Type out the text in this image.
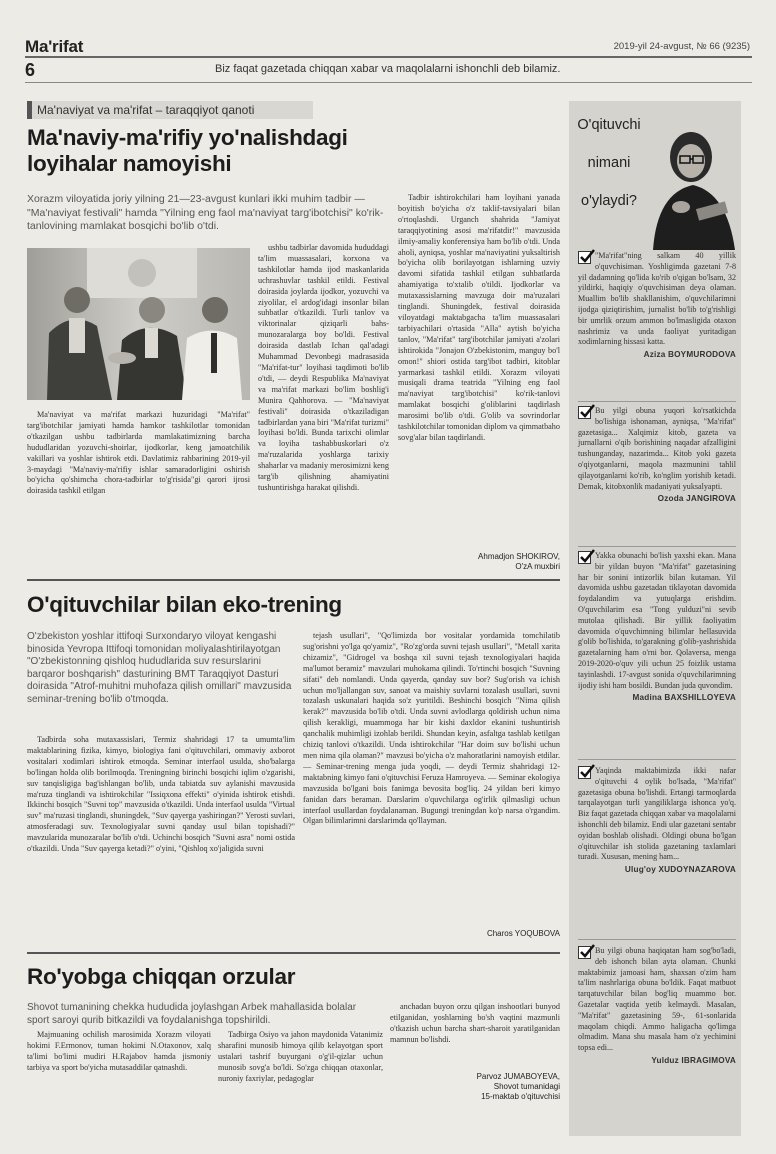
Ma'rifat	2019-yil 24-avgust, № 66 (9235)
6	Biz faqat gazetada chiqqan xabar va maqolalarni ishonchli deb bilamiz.
Ma'naviyat va ma'rifat – taraqqiyot qanoti
Ma'naviy-ma'rifiy yo'nalishdagi
loyihalar namoyishi
Xorazm viloyatida joriy yilning 21—23-avgust kunlari ikki muhim tadbir — "Ma'naviyat festivali" hamda "Yilning eng faol ma'naviyat targ'ibotchisi" ko'rik-tanlovining mamlakat bosqichi bo'lib o'tdi.
Ma'naviyat va ma'rifat markazi huzuridagi "Ma'rifat" targ'ibotchilar jamiyati hamda hamkor tashkilotlar tomonidan o'tkazilgan ushbu tadbirlarda mamlakatimizning barcha hududlaridan yozuvchi-shoirlar, ijodkorlar, keng jamoatchilik vakillari va yoshlar ishtirok etdi. Davlatimiz rahbarining 2019-yil 3-maydagi "Ma'naviy-ma'rifiy ishlar samaradorligini oshirish bo'yicha qo'shimcha chora-tadbirlar to'g'risida"gi qarori ijrosi doirasida tashkil etilgan
ushbu tadbirlar davomida hududdagi ta'lim muassasalari, korxona va tashkilotlar hamda ijod maskanlarida uchrashuvlar tashkil etildi. Festival doirasida joylarda ijodkor, yozuvchi va ziyolilar, el ardog'idagi insonlar bilan suhbatlar o'tkazildi. Turli tanlov va viktorinalar qiziqarli bahs-munozaralarga boy bo'ldi. Festival doirasida dastlab Ichan qal'adagi Muhammad Devonbegi madrasasida "Ma'rifat-tur" loyihasi taqdimoti bo'lib o'tdi, — deydi Respublika Ma'naviyat va ma'rifat markazi bo'lim boshlig'i Munira Qahhorova. — "Ma'naviyat festivali" doirasida o'tkaziladigan tadbirlardan yana biri "Ma'rifat turizmi" loyihasi bo'ldi. Bunda tarixchi olimlar va loyiha tashabbuskorlari o'z ma'ruzalarida yoshlarga tarixiy shaharlar va madaniy merosimizni keng targ'ib qilishning ahamiyatini tushuntirishga harakat qilishdi.
Tadbir ishtirokchilari ham loyihani yanada boyitish bo'yicha o'z taklif-tavsiyalari bilan o'rtoqlashdi. Urganch shahrida "Jamiyat taraqqiyotining asosi ma'rifatdir!" mavzusida ilmiy-amaliy konferensiya ham bo'lib o'tdi. Unda aholi, ayniqsa, yoshlar ma'naviyatini yuksaltirish bo'yicha olib borilayotgan ishlarning uzviy davomi sifatida tashkil etilgan suhbatlarda ahamiyatiga to'xtalib o'tildi. Ijodkorlar va mutaxassislarning mavzuga doir ma'ruzalari tinglandi. Shuningdek, festival doirasida viloyatdagi maktabgacha ta'lim muassasalari tarbiyachilari o'rtasida "Alla" aytish bo'yicha tanlov, "Ma'rifat" targ'ibotchilar jamiyati a'zolari ishtirokida "Jonajon O'zbekistonim, manguy bo'l omon!" shiori ostida targ'ibot tadbiri, kitoblar yarmarkasi tashkil etildi. Xorazm viloyati musiqali drama teatrida "Yilning eng faol ma'naviyat targ'ibotchisi" ko'rik-tanlovi mamlakat bosqichi g'oliblarini taqdirlash marosimi bo'lib o'tdi. G'olib va sovrindorlar tashkilotchilar tomonidan diplom va qimmatbaho sovg'alar bilan taqdirlandi.
Ahmadjon SHOKIROV,
O'zA muxbiri
O'qituvchilar bilan eko-trening
O'zbekiston yoshlar ittifoqi Surxondaryo viloyat kengashi binosida Yevropa Ittifoqi tomonidan moliyalashtirilayotgan "O'zbekistonning qishloq hududlarida suv resurslarini barqaror boshqarish" dasturining BMT Taraqqiyot Dasturi doirasida "Atrof-muhitni muhofaza qilish omillari" mavzusida seminar-trening bo'lib o'tmoqda.
Tadbirda soha mutaxassislari, Termiz shahridagi 17 ta umumta'lim maktablarining fizika, kimyo, biologiya fani o'qituvchilari, ommaviy axborot vositalari xodimlari ishtirok etmoqda. Seminar interfaol usulda, sho'balarga bo'lingan holda olib borilmoqda. Treningning birinchi bosqichi iqlim o'zgarishi, suv tanqisligiga bag'ishlangan bo'lib, unda tabiatda suv aylanishi mavzusida ma'ruza tinglandi va ishtirokchilar "Issiqxona effekti" o'yinida ishtirok etishdi. Ikkinchi bosqich "Suvni top" mavzusida o'tkazildi. Unda interfaol usulda "Virtual suv" ma'ruzasi tinglandi, shuningdek, "Suv qayerga yashiringan?" Yerosti suvlari, atmosferadagi suv. Texnologiyalar suvni qanday usul bilan topishadi?" mavzularida munozaralar bo'lib o'tdi. Uchinchi bosqich "Suvni asra" nomi ostida o'tkazildi. Unda "Suv qayerga ketadi?" o'yini, "Qishloq xo'jaligida suvni
tejash usullari", "Qo'limizda bor vositalar yordamida tomchilatib sug'orishni yo'lga qo'yamiz", "Ro'zg'orda suvni tejash usullari", "Metall xarita chizamiz", "Gidrogel va boshqa xil suvni tejash texnologiyalari haqida ma'lumot beramiz" mavzulari muhokama qilindi. To'rtinchi bosqich "Suvning sifati" deb nomlandi. Unda qayerda, qanday suv bor? Sug'orish va ichish uchun mo'ljallangan suv, sanoat va maishiy suvlarni tozalash usullari, suvni tozalash uskunalari haqida so'z yuritildi. Beshinchi bosqich "Nima qilish kerak?" mavzusida bo'lib o'tdi. Unda suvni avlodlarga qoldirish uchun nima qilish kerakligi, muammoga har bir kishi daxldor ekanini tushuntirish qanchalik muhimligi izohlab berildi. Shundan keyin, asfaltga tashlab ketilgan chiziq tanlovi o'tkazildi. Unda ishtirokchilar "Har doim suv bo'lishi uchun men nima qila olaman?" mavzusi bo'yicha o'z mahoratlarini namoyish etdilar. — Seminar-trening menga juda yoqdi, — deydi Termiz shahridagi 12-maktabning kimyo fani o'qituvchisi Feruza Hamroyeva. — Seminar ekologiya mavzusida bo'lgani bois fanimga bevosita bog'liq. 24 yildan beri kimyo fanidan dars beraman. Darslarim o'quvchilarga og'irlik qilmasligi uchun interfaol usullardan foydalanaman. Bugungi treningdan ko'p narsa o'rgandim. Olgan bilimlarimni darslarimda qo'llayman.
Charos YOQUBOVA
Ro'yobga chiqqan orzular
Shovot tumanining chekka hududida joylashgan Arbek mahallasida bolalar sport saroyi qurib bitkazildi va foydalanishga topshirildi.
Majmuaning ochilish marosimida Xorazm viloyati hokimi F.Ermonov, tuman hokimi N.Otaxonov, xalq ta'limi bo'limi mudiri H.Rajabov hamda jismoniy tarbiya va sport bo'yicha mutasaddilar qatnashdi.
Tadbirga Osiyo va jahon maydonida Vatanimiz sharafini munosib himoya qilib kelayotgan sport ustalari tashrif buyurgani o'g'il-qizlar uchun munosib sovg'a bo'ldi. So'zga chiqqan otaxonlar, nuroniy faxriylar, pedagoglar
anchadan buyon orzu qilgan inshootlari bunyod etilganidan, yoshlarning bo'sh vaqtini mazmunli o'tkazish uchun barcha shart-sharoit yaratilganidan mamnun bo'lishdi.
Parvoz JUMABOYEVA,
Shovot tumanidagi
15-maktab o'qituvchisi
O'qituvchi
nimani
o'ylaydi?
"Ma'rifat"ning salkam 40 yillik o'quvchisiman. Yoshligimda gazetani 7-8 yil dadamning qo'lida ko'rib o'qigan bo'lsam, 32 yildirki, haqiqiy o'quvchisiman deya olaman. Muallim bo'lib shakllanishim, o'quvchilarimni ijodga qiziqtirishim, jurnalist bo'lib to'g'rishligi bir umrlik orzum ammon bo'lmasligida otaxon nashrimiz va unda faoliyat yuritadigan xodimlarning hissasi katta.
Aziza BOYMURODOVA
Bu yilgi obuna yuqori ko'rsatkichda bo'lishiga ishonaman, ayniqsa, "Ma'rifat" gazetasiga... Xalqimiz kitob, gazeta va jurnallarni o'qib borishining naqadar afzalligini tushunganday, nazarimda... Kitob yoki gazeta o'qiyotganlarni, maqola mazmunini tahlil qilayotganlarni ko'rib, ko'nglim yorishib ketadi. Demak, kitobxonlik madaniyati yuksalyapti.
Ozoda JANGIROVA
Yakka obunachi bo'lish yaxshi ekan. Mana bir yildan buyon "Ma'rifat" gazetasining har bir sonini intizorlik bilan kutaman. Yil davomida ushbu gazetadan tiklayotan davomida foydalandim va yutuqlarga erishdim. O'quvchilarim esa "Tong yulduzi"ni sevib mutolaa qilishadi. Bir yillik faoliyatim davomida o'quvchimning bilimlar hellasuvida g'olib bo'lishida, to'garakning g'olib-yashrishida gazetalarning ham o'rni bor. Qolaversa, menga 2019-2020-o'quv yili uchun 25 foizlik ustama tayinlashdi. 17-avgust sonida o'quvchilarimning ijodiy ishi ham bosildi. Bundan juda quvondim.
Madina BAXSHILLOYEVA
Yaqinda maktabimizda ikki nafar o'qituvchi 4 oylik bo'lsada, "Ma'rifat" gazetasiga obuna bo'lishdi. Ertangi tarmoqlarda tarqalayotgan turli yangiliklarga ishonca yo'q. Biz faqat gazetada chiqqan xabar va maqolalarni ishonchli deb bilamiz. Endi ular gazetani sentabr oyidan boshlab olishadi. Oldingi obuna bo'lgan o'qituvchilar ish stolida gazetaning taxlamlari turadi. Xususan, mening ham...
Ulug'oy XUDOYNAZAROVA
Bu yilgi obuna haqiqatan ham sog'bo'ladi, deb ishonch bilan ayta olaman. Chunki maktabimiz jamoasi ham, shaxsan o'zim ham ta'lim nashrlariga obuna bo'ldik. Faqat matbuot tarqatuvchilar bilan bog'liq muammo bor. Gazetalar vaqtida yetib kelmaydi. Masalan, "Ma'rifat" gazetasining 59-, 61-sonlarida maqolam chiqdi. Ammo haligacha qo'limga olmadim. Mana shu masala ham o'z yechimini topsa edi...
Yulduz IBRAGIMOVA
